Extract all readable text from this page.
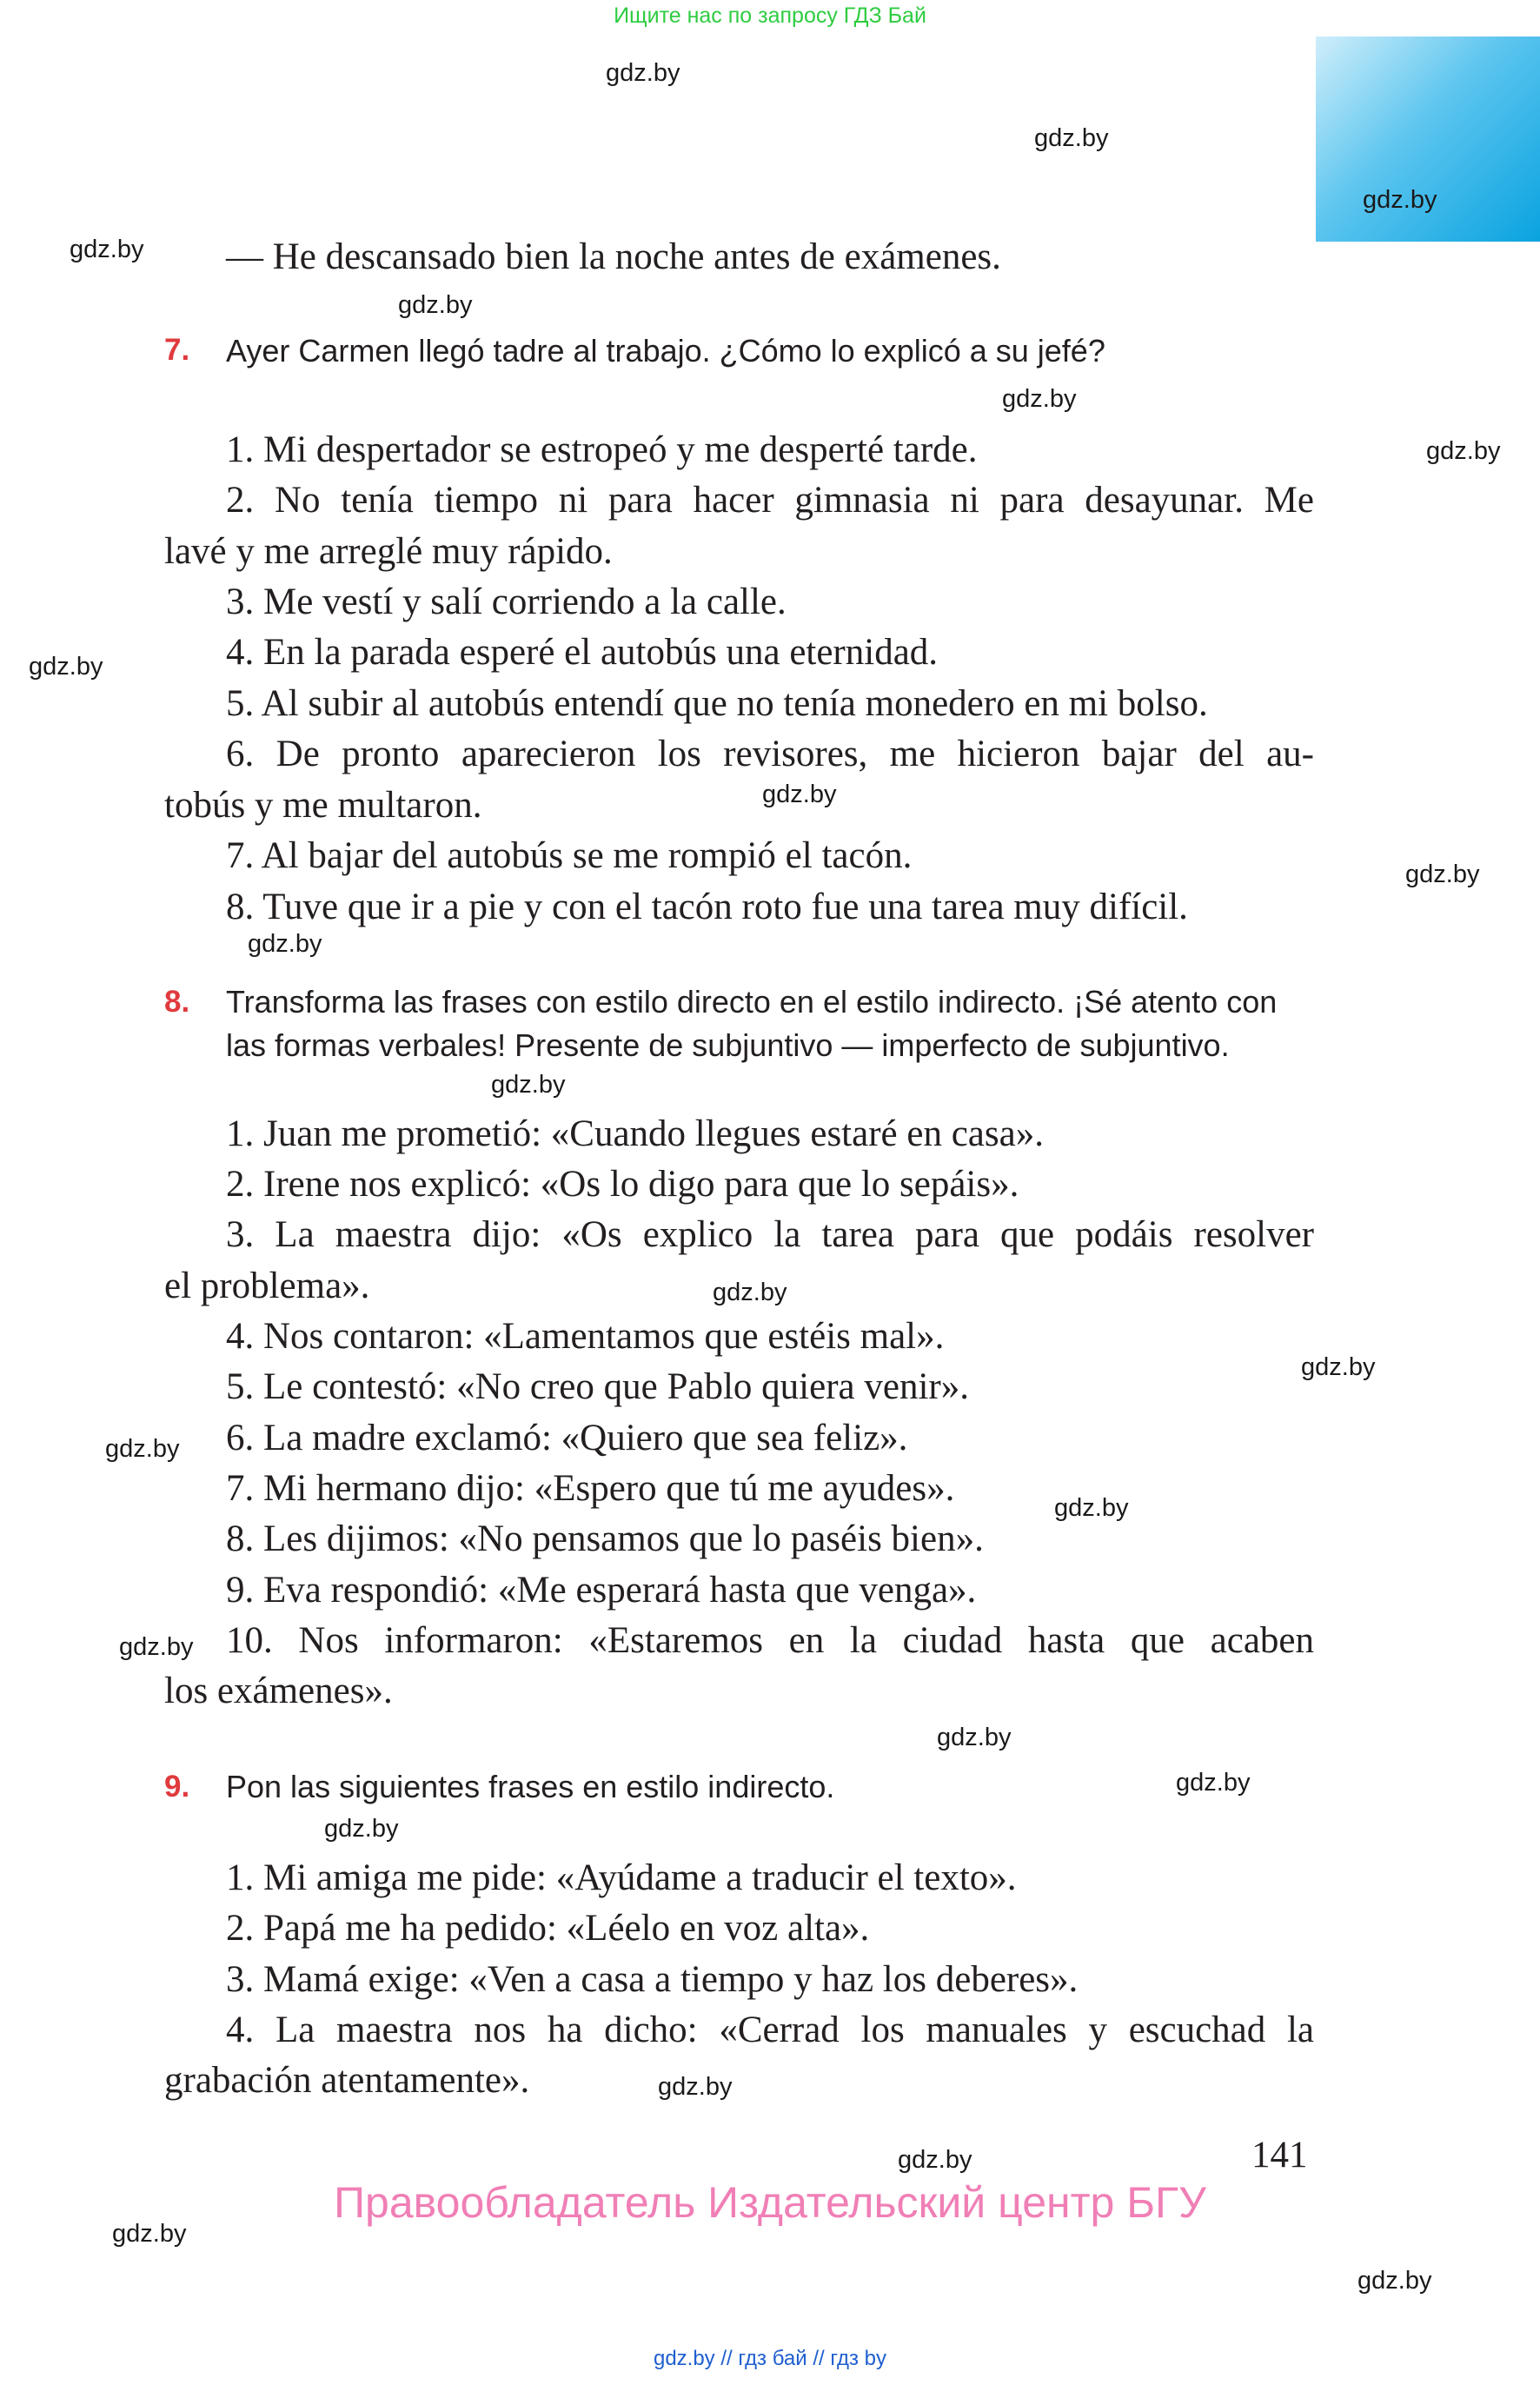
Ищите нас по запросу ГДЗ Бай
gdz.by
gdz.by
gdz.by
gdz.by
gdz.by
gdz.by
gdz.by
gdz.by
gdz.by
gdz.by
gdz.by
gdz.by
gdz.by
gdz.by
gdz.by
gdz.by
gdz.by
gdz.by
gdz.by
gdz.by
gdz.by
gdz.by
gdz.by
gdz.by
— He descansado bien la noche antes de exámenes.
7. Ayer Carmen llegó tadre al trabajo. ¿Cómo lo explicó a su jefé?
1. Mi despertador se estropeó y me desperté tarde.
2. No tenía tiempo ni para hacer gimnasia ni para desayunar. Me
lavé y me arreglé muy rápido.
3. Me vestí y salí corriendo a la calle.
4. En la parada esperé el autobús una eternidad.
5. Al subir al autobús entendí que no tenía monedero en mi bolso.
6. De pronto aparecieron los revisores, me hicieron bajar del au-
tobús y me multaron.
7. Al bajar del autobús se me rompió el tacón.
8. Tuve que ir a pie y con el tacón roto fue una tarea muy difícil.
8. Transforma las frases con estilo directo en el estilo indirecto. ¡Sé atento con
las formas verbales! Presente de subjuntivo — imperfecto de subjuntivo.
1. Juan me prometió: «Cuando llegues estaré en casa».
2. Irene nos explicó: «Os lo digo para que lo sepáis».
3. La maestra dijo: «Os explico la tarea para que podáis resolver
el problema».
4. Nos contaron: «Lamentamos que estéis mal».
5. Le contestó: «No creo que Pablo quiera venir».
6. La madre exclamó: «Quiero que sea feliz».
7. Mi hermano dijo: «Espero que tú me ayudes».
8. Les dijimos: «No pensamos que lo paséis bien».
9. Eva respondió: «Me esperará hasta que venga».
10. Nos informaron: «Estaremos en la ciudad hasta que acaben
los exámenes».
9. Pon las siguientes frases en estilo indirecto.
1. Mi amiga me pide: «Ayúdame a traducir el texto».
2. Papá me ha pedido: «Léelo en voz alta».
3. Mamá exige: «Ven a casa a tiempo y haz los deberes».
4. La maestra nos ha dicho: «Cerrad los manuales y escuchad la
grabación atentamente».
141
Правообладатель Издательский центр БГУ
gdz.by // гдз бай // гдз by
